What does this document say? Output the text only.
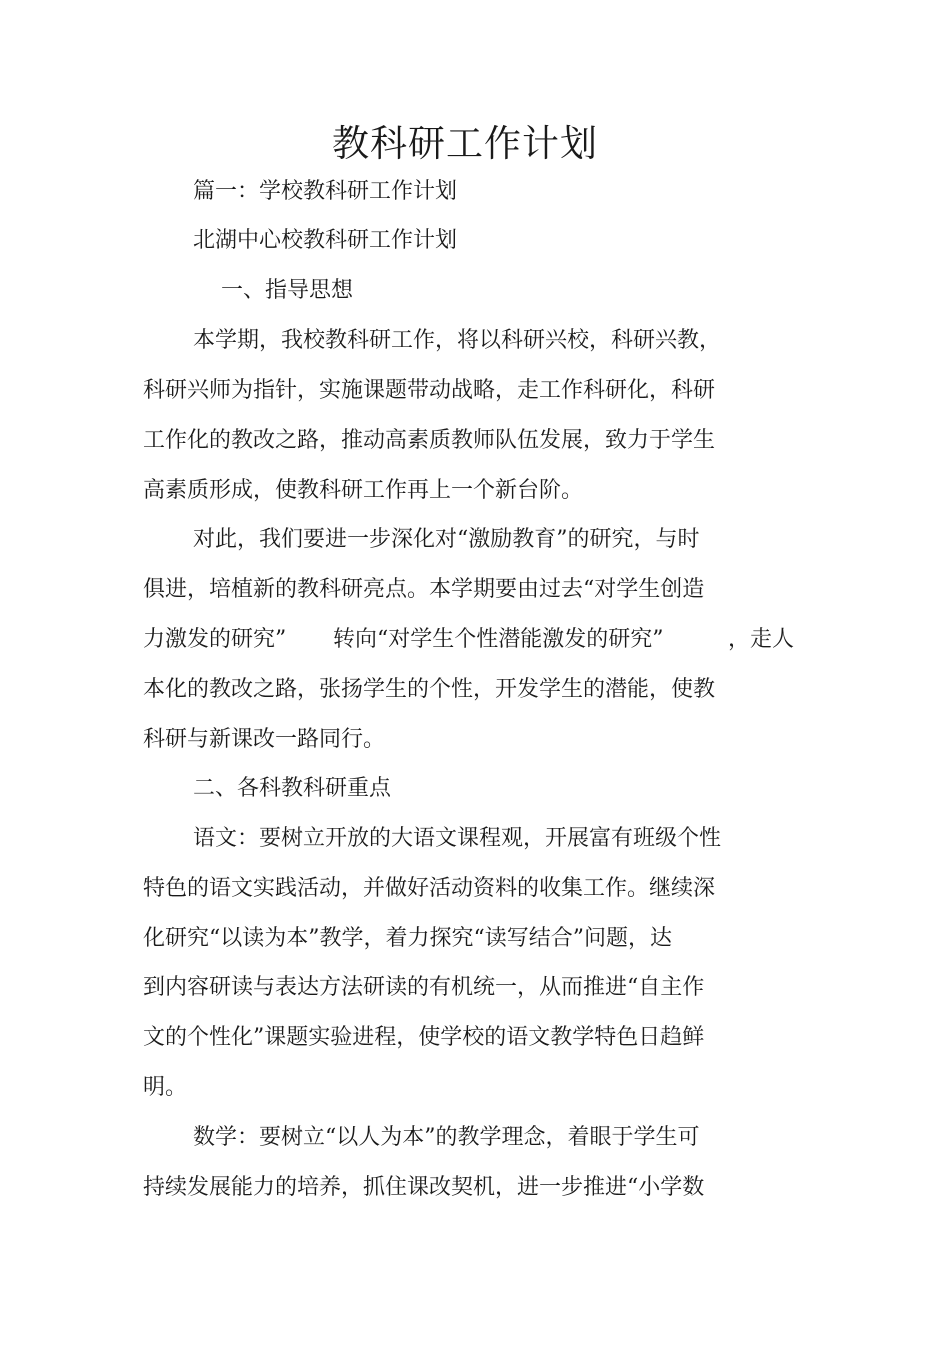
教科研工作计划

篇一：学校教科研工作计划

北湖中心校教科研工作计划

一、指导思想

本学期，我校教科研工作，将以科研兴校，科研兴教，

科研兴师为指针，实施课题带动战略，走工作科研化，科研

工作化的教改之路，推动高素质教师队伍发展，致力于学生

高素质形成，使教科研工作再上一个新台阶。

对此，我们要进一步深化对“激励教育”的研究，与时

俱进，培植新的教科研亮点。本学期要由过去“对学生创造

力激发的研究” 转向“对学生个性潜能激发的研究”	，走人

本化的教改之路，张扬学生的个性，开发学生的潜能，使教

科研与新课改一路同行。

二、各科教科研重点

语文：要树立开放的大语文课程观，开展富有班级个性

特色的语文实践活动，并做好活动资料的收集工作。继续深

化研究“以读为本”教学，着力探究“读写结合”问题，达

到内容研读与表达方法研读的有机统一，从而推进“自主作

文的个性化”课题实验进程，使学校的语文教学特色日趋鲜

明。

数学：要树立“以人为本”的教学理念，着眼于学生可

持续发展能力的培养，抓住课改契机，进一步推进“小学数
